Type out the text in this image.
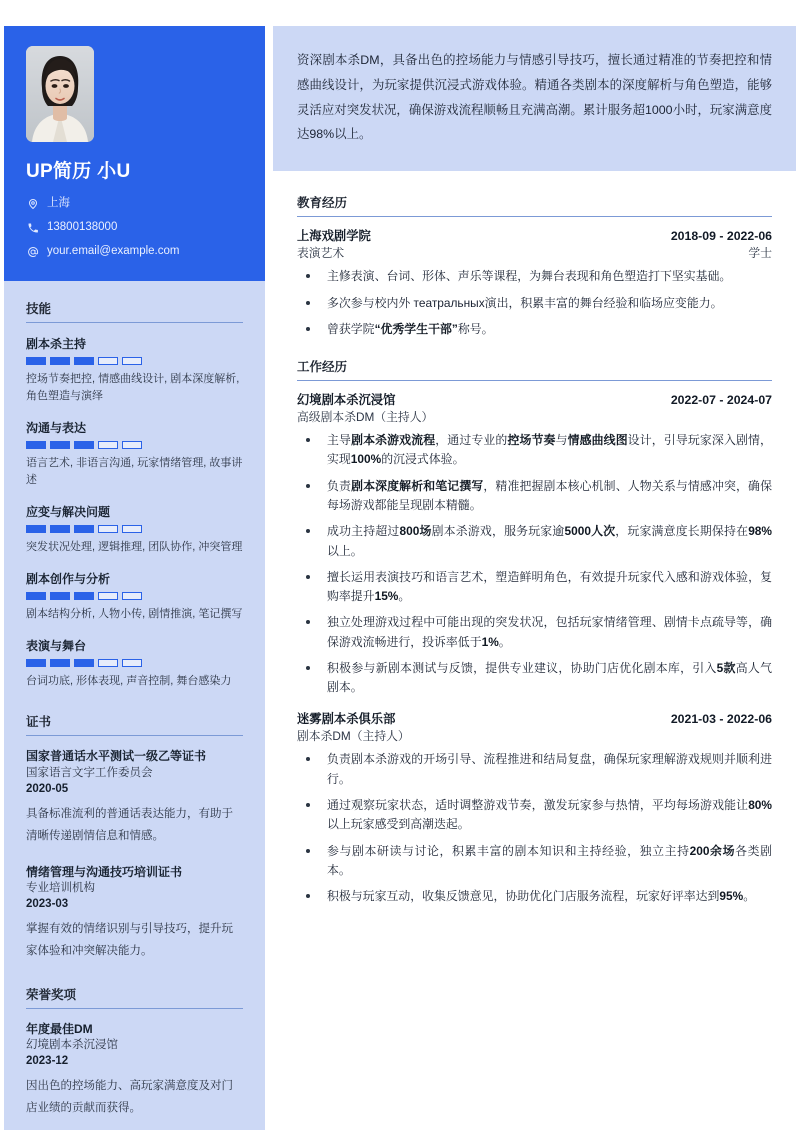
UP简历 小U
上海
13800138000
your.email@example.com
技能
剧本杀主持
控场节奏把控, 情感曲线设计, 剧本深度解析, 角色塑造与演绎
沟通与表达
语言艺术, 非语言沟通, 玩家情绪管理, 故事讲述
应变与解决问题
突发状况处理, 逻辑推理, 团队协作, 冲突管理
剧本创作与分析
剧本结构分析, 人物小传, 剧情推演, 笔记撰写
表演与舞台
台词功底, 形体表现, 声音控制, 舞台感染力
证书
国家普通话水平测试一级乙等证书
国家语言文字工作委员会
2020-05
具备标准流利的普通话表达能力，有助于清晰传递剧情信息和情感。
情绪管理与沟通技巧培训证书
专业培训机构
2023-03
掌握有效的情绪识别与引导技巧，提升玩家体验和冲突解决能力。
荣誉奖项
年度最佳DM
幻境剧本杀沉浸馆
2023-12
因出色的控场能力、高玩家满意度及对门店业绩的贡献而获得。
资深剧本杀DM，具备出色的控场能力与情感引导技巧，擅长通过精准的节奏把控和情感曲线设计，为玩家提供沉浸式游戏体验。精通各类剧本的深度解析与角色塑造，能够灵活应对突发状况，确保游戏流程顺畅且充满高潮。累计服务超1000小时，玩家满意度达98%以上。
教育经历
上海戏剧学院	2018-09 - 2022-06
表演艺术	学士
主修表演、台词、形体、声乐等课程，为舞台表现和角色塑造打下坚实基础。
多次参与校内外 театральных演出，积累丰富的舞台经验和临场应变能力。
曾获学院“优秀学生干部”称号。
工作经历
幻境剧本杀沉浸馆	2022-07 - 2024-07
高级剧本杀DM（主持人）
主导剧本杀游戏流程，通过专业的控场节奏与情感曲线图设计，引导玩家深入剧情，实现100%的沉浸式体验。
负责剧本深度解析和笔记撰写，精准把握剧本核心机制、人物关系与情感冲突，确保每场游戏都能呈现剧本精髓。
成功主持超过800场剧本杀游戏，服务玩家逾5000人次，玩家满意度长期保持在98%以上。
擅长运用表演技巧和语言艺术，塑造鲜明角色，有效提升玩家代入感和游戏体验，复购率提升15%。
独立处理游戏过程中可能出现的突发状况，包括玩家情绪管理、剧情卡点疏导等，确保游戏流畅进行，投诉率低于1%。
积极参与新剧本测试与反馈，提供专业建议，协助门店优化剧本库，引入5款高人气剧本。
迷雾剧本杀俱乐部	2021-03 - 2022-06
剧本杀DM（主持人）
负责剧本杀游戏的开场引导、流程推进和结局复盘，确保玩家理解游戏规则并顺利进行。
通过观察玩家状态，适时调整游戏节奏，激发玩家参与热情，平均每场游戏能让80%以上玩家感受到高潮迭起。
参与剧本研读与讨论，积累丰富的剧本知识和主持经验，独立主持200余场各类剧本。
积极与玩家互动，收集反馈意见，协助优化门店服务流程，玩家好评率达到95%。
